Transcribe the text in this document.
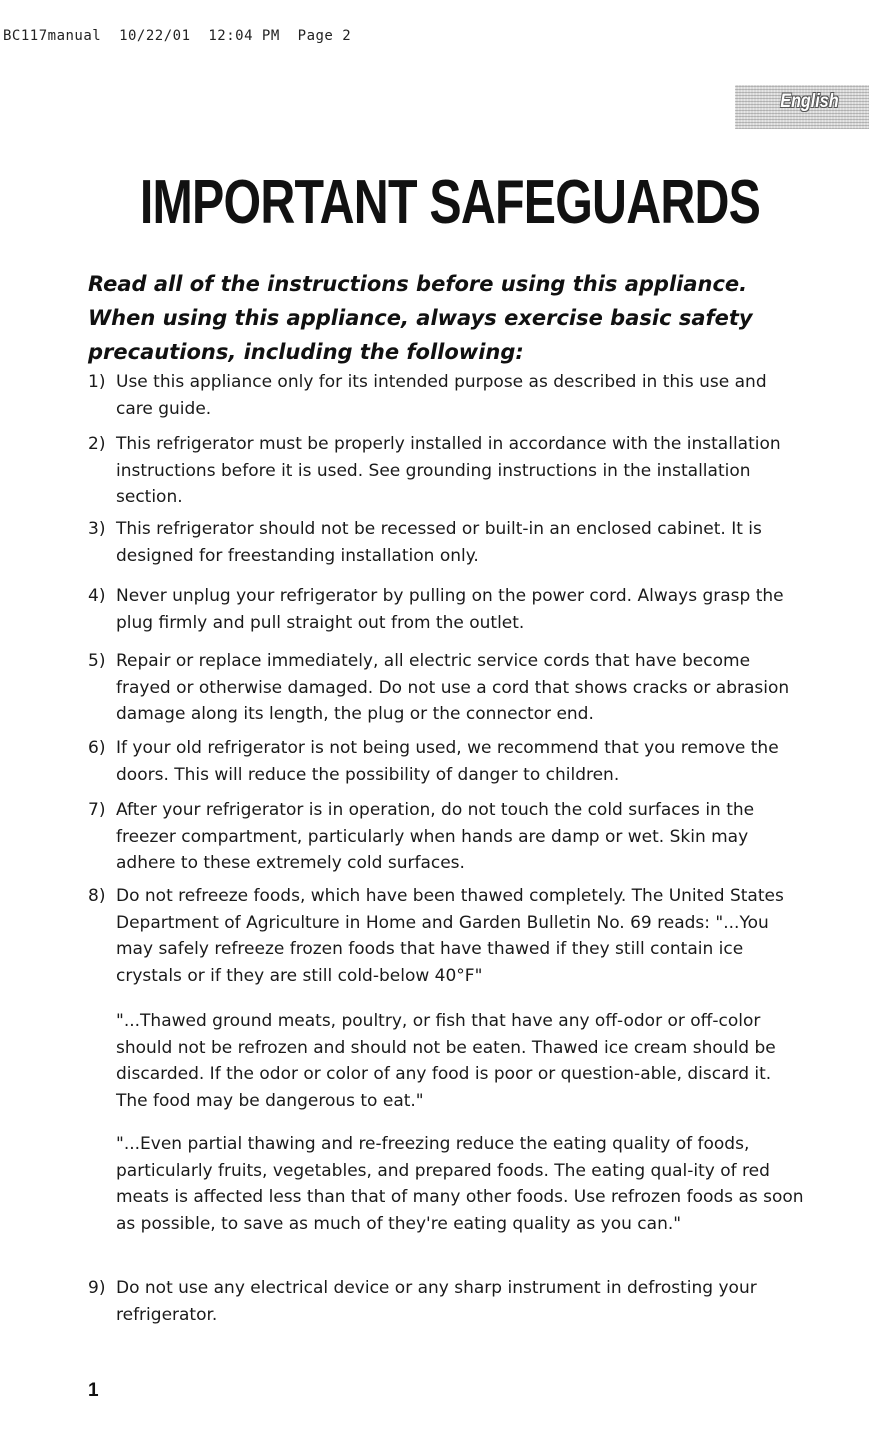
BC117manual  10/22/01  12:04 PM  Page 2
English
IMPORTANT SAFEGUARDS

Read all of the instructions before using this appliance. When using this appliance, always exercise basic safety precautions, including the following:

1) Use this appliance only for its intended purpose as described in this use and care guide.
2) This refrigerator must be properly installed in accordance with the installation instructions before it is used. See grounding instructions in the installation section.
3) This refrigerator should not be recessed or built-in an enclosed cabinet. It is designed for freestanding installation only.
4) Never unplug your refrigerator by pulling on the power cord. Always grasp the plug firmly and pull straight out from the outlet.
5) Repair or replace immediately, all electric service cords that have become frayed or otherwise damaged. Do not use a cord that shows cracks or abrasion damage along its length, the plug or the connector end.
6) If your old refrigerator is not being used, we recommend that you remove the doors. This will reduce the possibility of danger to children.
7) After your refrigerator is in operation, do not touch the cold surfaces in the freezer compartment, particularly when hands are damp or wet. Skin may adhere to these extremely cold surfaces.
8) Do not refreeze foods, which have been thawed completely. The United States Department of Agriculture in Home and Garden Bulletin No. 69 reads: "...You may safely refreeze frozen foods that have thawed if they still contain ice crystals or if they are still cold-below 40°F"
"...Thawed ground meats, poultry, or fish that have any off-odor or off-color should not be refrozen and should not be eaten. Thawed ice cream should be discarded. If the odor or color of any food is poor or question-able, discard it. The food may be dangerous to eat."
"...Even partial thawing and re-freezing reduce the eating quality of foods, particularly fruits, vegetables, and prepared foods. The eating qual-ity of red meats is affected less than that of many other foods. Use refrozen foods as soon as possible, to save as much of they're eating quality as you can."
9) Do not use any electrical device or any sharp instrument in defrosting your refrigerator.
1
